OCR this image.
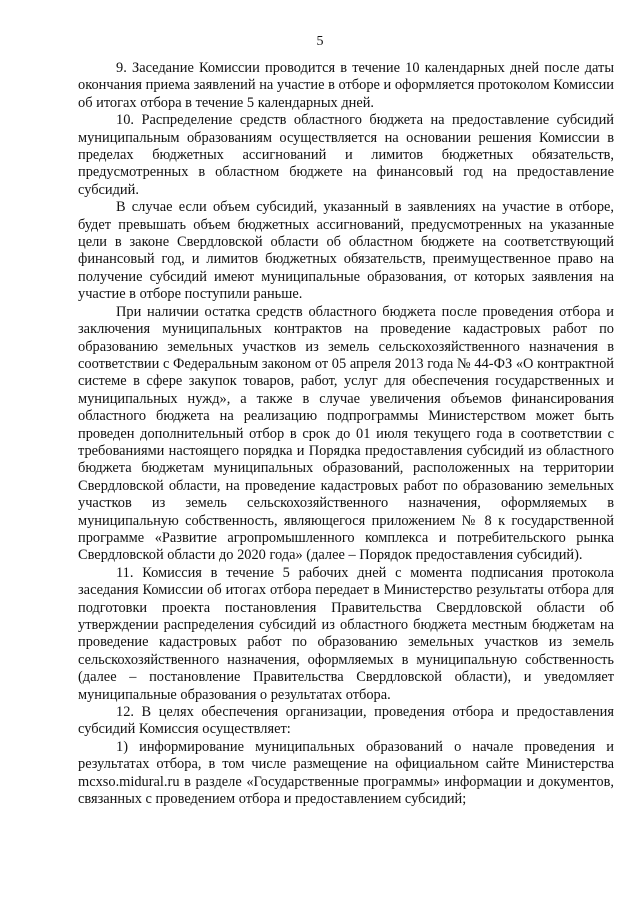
5

9. Заседание Комиссии проводится в течение 10 календарных дней после даты окончания приема заявлений на участие в отборе и оформляется протоколом Комиссии об итогах отбора в течение 5 календарных дней.

10. Распределение средств областного бюджета на предоставление субсидий муниципальным образованиям осуществляется на основании решения Комиссии в пределах бюджетных ассигнований и лимитов бюджетных обязательств, предусмотренных в областном бюджете на финансовый год на предоставление субсидий.

В случае если объем субсидий, указанный в заявлениях на участие в отборе, будет превышать объем бюджетных ассигнований, предусмотренных на указанные цели в законе Свердловской области об областном бюджете на соответствующий финансовый год, и лимитов бюджетных обязательств, преимущественное право на получение субсидий имеют муниципальные образования, от которых заявления на участие в отборе поступили раньше.

При наличии остатка средств областного бюджета после проведения отбора и заключения муниципальных контрактов на проведение кадастровых работ по образованию земельных участков из земель сельскохозяйственного назначения в соответствии с Федеральным законом от 05 апреля 2013 года № 44-ФЗ «О контрактной системе в сфере закупок товаров, работ, услуг для обеспечения государственных и муниципальных нужд», а также в случае увеличения объемов финансирования областного бюджета на реализацию подпрограммы Министерством может быть проведен дополнительный отбор в срок до 01 июля текущего года в соответствии с требованиями настоящего порядка и Порядка предоставления субсидий из областного бюджета бюджетам муниципальных образований, расположенных на территории Свердловской области, на проведение кадастровых работ по образованию земельных участков из земель сельскохозяйственного назначения, оформляемых в муниципальную собственность, являющегося приложением № 8 к государственной программе «Развитие агропромышленного комплекса и потребительского рынка Свердловской области до 2020 года» (далее – Порядок предоставления субсидий).

11. Комиссия в течение 5 рабочих дней с момента подписания протокола заседания Комиссии об итогах отбора передает в Министерство результаты отбора для подготовки проекта постановления Правительства Свердловской области об утверждении распределения субсидий из областного бюджета местным бюджетам на проведение кадастровых работ по образованию земельных участков из земель сельскохозяйственного назначения, оформляемых в муниципальную собственность (далее – постановление Правительства Свердловской области), и уведомляет муниципальные образования о результатах отбора.

12. В целях обеспечения организации, проведения отбора и предоставления субсидий Комиссия осуществляет:

1) информирование муниципальных образований о начале проведения и результатах отбора, в том числе размещение на официальном сайте Министерства mcxso.midural.ru в разделе «Государственные программы» информации и документов, связанных с проведением отбора и предоставлением субсидий;
